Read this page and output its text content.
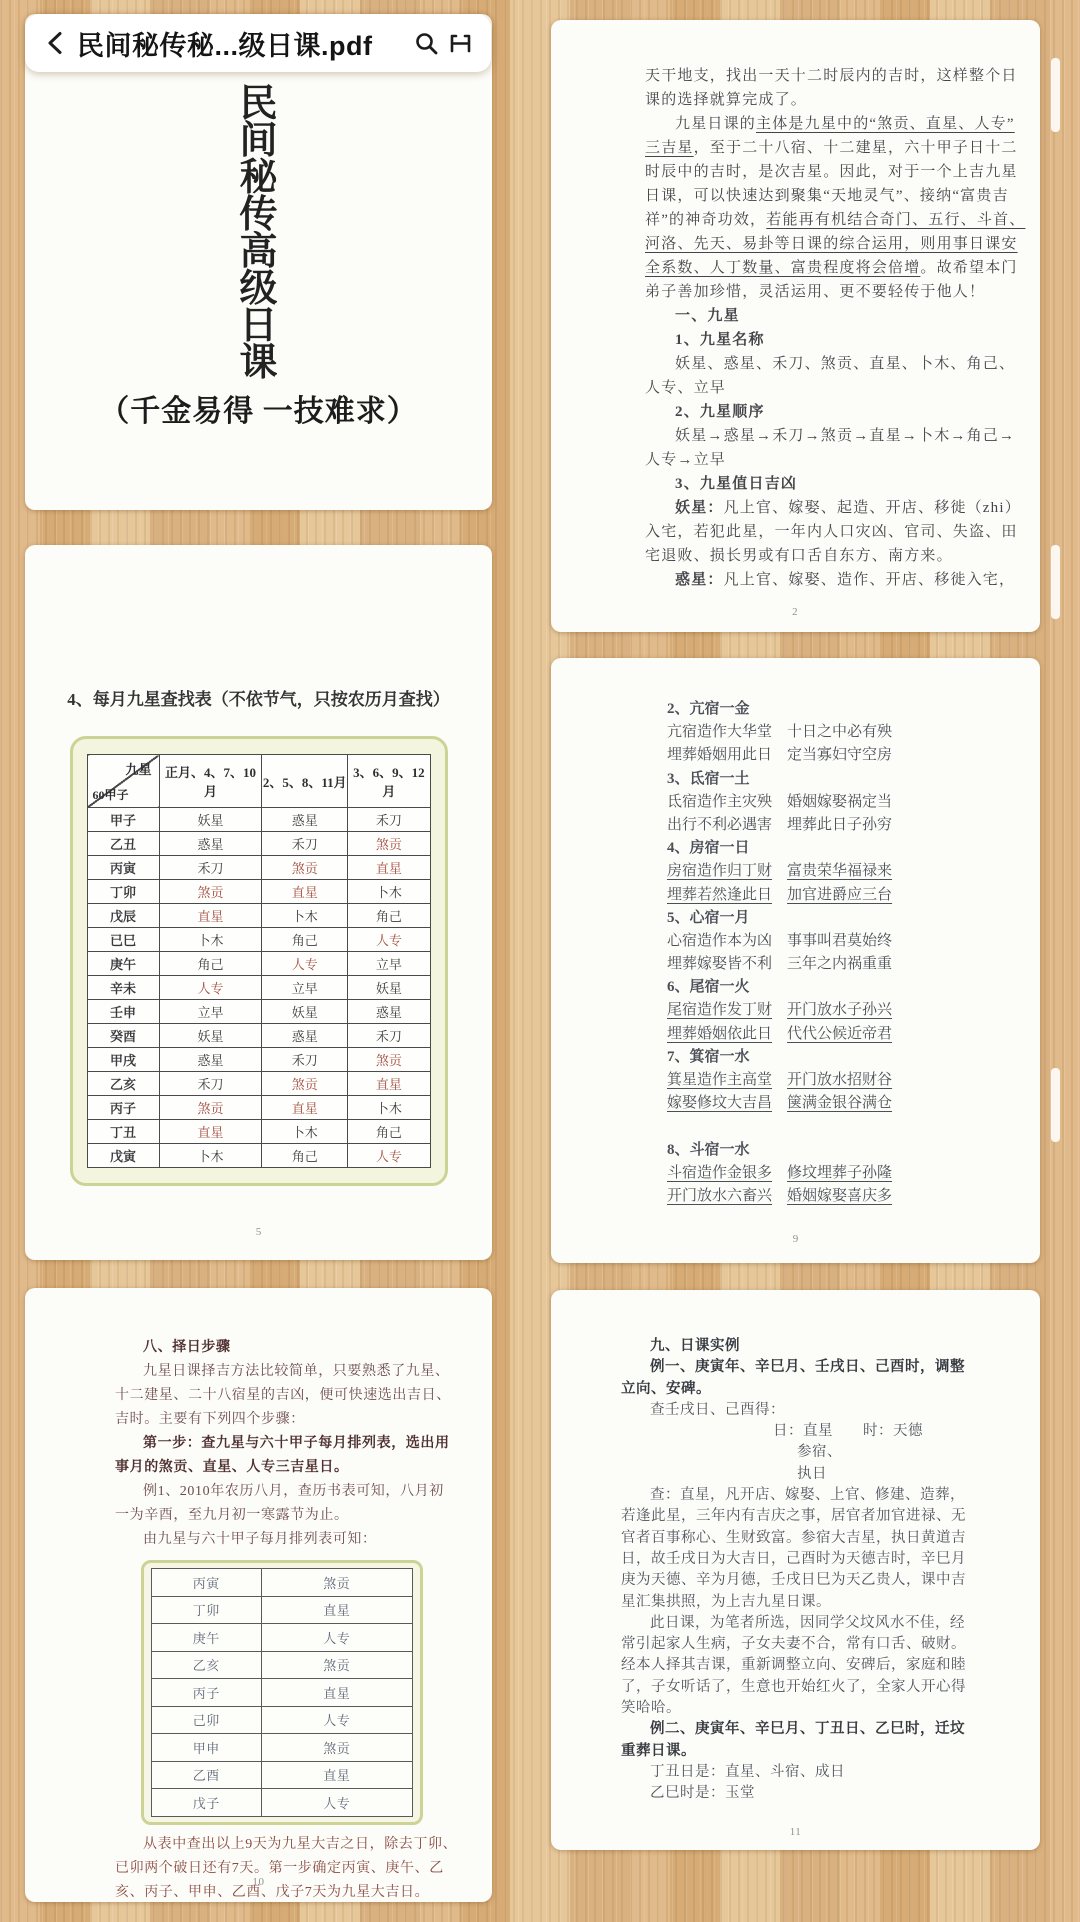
民
间
秘
传
高
级
日
课
（千金易得 一技难求）
天干地支，找出一天十二时辰内的吉时，这样整个日
课的选择就算完成了。
九星日课的主体是九星中的“煞贡、直星、人专”
三吉星，至于二十八宿、十二建星，六十甲子日十二
时辰中的吉时，是次吉星。因此，对于一个上吉九星
日课，可以快速达到聚集“天地灵气”、接纳“富贵吉
祥”的神奇功效，若能再有机结合奇门、五行、斗首、
河洛、先天、易卦等日课的综合运用，则用事日课安
全系数、人丁数量、富贵程度将会倍增。故希望本门
弟子善加珍惜，灵活运用、更不要轻传于他人！
一、九星
1、九星名称
妖星、惑星、禾刀、煞贡、直星、卜木、角己、
人专、立早
2、九星顺序
妖星→惑星→禾刀→煞贡→直星→卜木→角己→
人专→立早
3、九星值日吉凶
妖星：凡上官、嫁娶、起造、开店、移徙（zhi）
入宅，若犯此星，一年内人口灾凶、官司、失盗、田
宅退败、损长男或有口舌自东方、南方来。
惑星：凡上官、嫁娶、造作、开店、移徙入宅，
2
4、每月九星查找表（不依节气，只按农历月查找）
九星
60甲子	正月、4、7、10月	2、5、8、11月	3、6、9、12月
甲子	妖星	惑星	禾刀
乙丑	惑星	禾刀	煞贡
丙寅	禾刀	煞贡	直星
丁卯	煞贡	直星	卜木
戊辰	直星	卜木	角己
已巳	卜木	角己	人专
庚午	角己	人专	立早
辛未	人专	立早	妖星
壬申	立早	妖星	惑星
癸酉	妖星	惑星	禾刀
甲戌	惑星	禾刀	煞贡
乙亥	禾刀	煞贡	直星
丙子	煞贡	直星	卜木
丁丑	直星	卜木	角己
戊寅	卜木	角己	人专
5
2、亢宿一金
亢宿造作大华堂　十日之中必有殃
埋葬婚姻用此日　定当寡妇守空房
3、氐宿一土
氐宿造作主灾殃　婚姻嫁娶祸定当
出行不利必遇害　埋葬此日子孙穷
4、房宿一日
房宿造作归丁财　 富贵荣华福禄来
埋葬若然逢此日　 加官进爵应三台
5、心宿一月
心宿造作本为凶　事事叫君莫始终
埋葬嫁娶皆不利　三年之内祸重重
6、尾宿一火
尾宿造作发丁财　 开门放水子孙兴
埋葬婚姻依此日　 代代公候近帝君
7、箕宿一水
箕星造作主高堂　 开门放水招财谷
嫁娶修坟大吉昌　 箧满金银谷满仓
8、斗宿一水
斗宿造作金银多　 修坟埋葬子孙隆
开门放水六畜兴　 婚姻嫁娶喜庆多
9
八、择日步骤
九星日课择吉方法比较简单，只要熟悉了九星、
十二建星、二十八宿星的吉凶，便可快速选出吉日、
吉时。主要有下列四个步骤：
第一步：查九星与六十甲子每月排列表，选出用
事月的煞贡、直星、人专三吉星日。
例1、2010年农历八月，查历书表可知，八月初
一为辛酉，至九月初一寒露节为止。
由九星与六十甲子每月排列表可知：
丙寅	煞贡
丁卯	直星
庚午	人专
乙亥	煞贡
丙子	直星
己卯	人专
甲申	煞贡
乙酉	直星
戊子	人专
从表中查出以上9天为九星大吉之日，除去丁卯、
已卯两个破日还有7天。第一步确定丙寅、庚午、乙
亥、丙子、甲申、乙酉、戊子7天为九星大吉日。
10
九、日课实例
例一、庚寅年、辛巳月、壬戌日、己酉时，调整
立向、安碑。
查壬戌日、己酉得：
日：直星　　时：天德
参宿、
执日
查：直星，凡开店、嫁娶、上官、修建、造葬，
若逢此星，三年内有吉庆之事，居官者加官进禄、无
官者百事称心、生财致富。参宿大吉星，执日黄道吉
日，故壬戌日为大吉日，己酉时为天德吉时，辛巳月
庚为天德、辛为月德，壬戌日巳为天乙贵人，课中吉
星汇集拱照，为上吉九星日课。
此日课，为笔者所选，因同学父坟风水不佳，经
常引起家人生病，子女夫妻不合，常有口舌、破财。
经本人择其吉课，重新调整立向、安碑后，家庭和睦
了，子女听话了，生意也开始红火了，全家人开心得
笑哈哈。
例二、庚寅年、辛巳月、丁丑日、乙巳时，迁坟
重葬日课。
丁丑日是：直星、斗宿、成日
乙巳时是：玉堂
11
民间秘传秘...级日课.pdf
